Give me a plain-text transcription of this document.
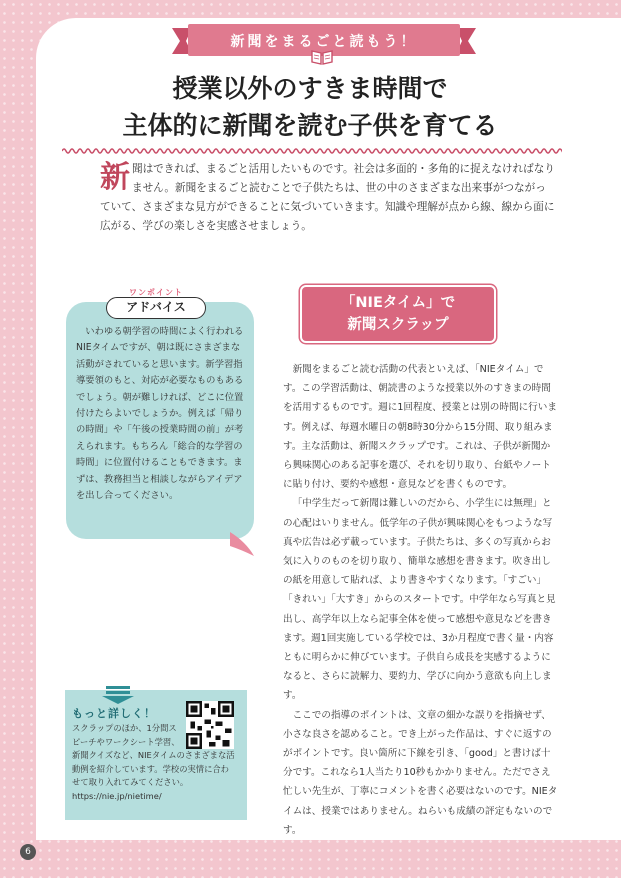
新聞をまるごと読もう！
授業以外のすきま時間で
主体的に新聞を読む子供を育てる
新聞はできれば、まるごと活用したいものです。社会は多面的・多角的に捉えなければなりません。新聞をまるごと読むことで子供たちは、世の中のさまざまな出来事がつながっていて、さまざまな見方ができることに気づいていきます。知識や理解が点から線、線から面に広がる、学びの楽しさを実感させましょう。
ワンポイント
アドバイス
いわゆる朝学習の時間によく行われるNIEタイムですが、朝は既にさまざまな活動がされていると思います。新学習指導要領のもと、対応が必要なものもあるでしょう。朝が難しければ、どこに位置付けたらよいでしょうか。例えば「帰りの時間」や「午後の授業時間の前」が考えられます。もちろん「総合的な学習の時間」に位置付けることもできます。まずは、教務担当と相談しながらアイデアを出し合ってください。
もっと詳しく！
スクラップのほか、1分間ス
ピーチやワークシート学習、
新聞クイズなど、NIEタイムのさまざまな活
動例を紹介しています。学校の実情に合わ
せて取り入れてみてください。
https://nie.jp/nietime/
「NIEタイム」で
新聞スクラップ

新聞をまるごと読む活動の代表といえば、「NIEタイム」です。この学習活動は、朝読書のような授業以外のすきまの時間を活用するものです。週に1回程度、授業とは別の時間に行います。例えば、毎週水曜日の朝8時30分から15分間、取り組みます。主な活動は、新聞スクラップです。これは、子供が新聞から興味関心のある記事を選び、それを切り取り、台紙やノートに貼り付け、要約や感想・意見などを書くものです。

「中学生だって新聞は難しいのだから、小学生には無理」との心配はいりません。低学年の子供が興味関心をもつような写真や広告は必ず載っています。子供たちは、多くの写真からお気に入りのものを切り取り、簡単な感想を書きます。吹き出しの紙を用意して貼れば、より書きやすくなります。「すごい」「きれい」「大すき」からのスタートです。中学年なら写真と見出し、高学年以上なら記事全体を使って感想や意見などを書きます。週1回実施している学校では、3か月程度で書く量・内容ともに明らかに伸びています。子供自ら成長を実感するようになると、さらに読解力、要約力、学びに向かう意欲も向上します。

ここでの指導のポイントは、文章の細かな誤りを指摘せず、小さな良さを認めること。でき上がった作品は、すぐに返すのがポイントです。良い箇所に下線を引き、「good」と書けば十分です。これなら1人当たり10秒もかかりません。ただでさえ忙しい先生が、丁寧にコメントを書く必要はないのです。NIEタイムは、授業ではありません。ねらいも成績の評定もないのです。

6
